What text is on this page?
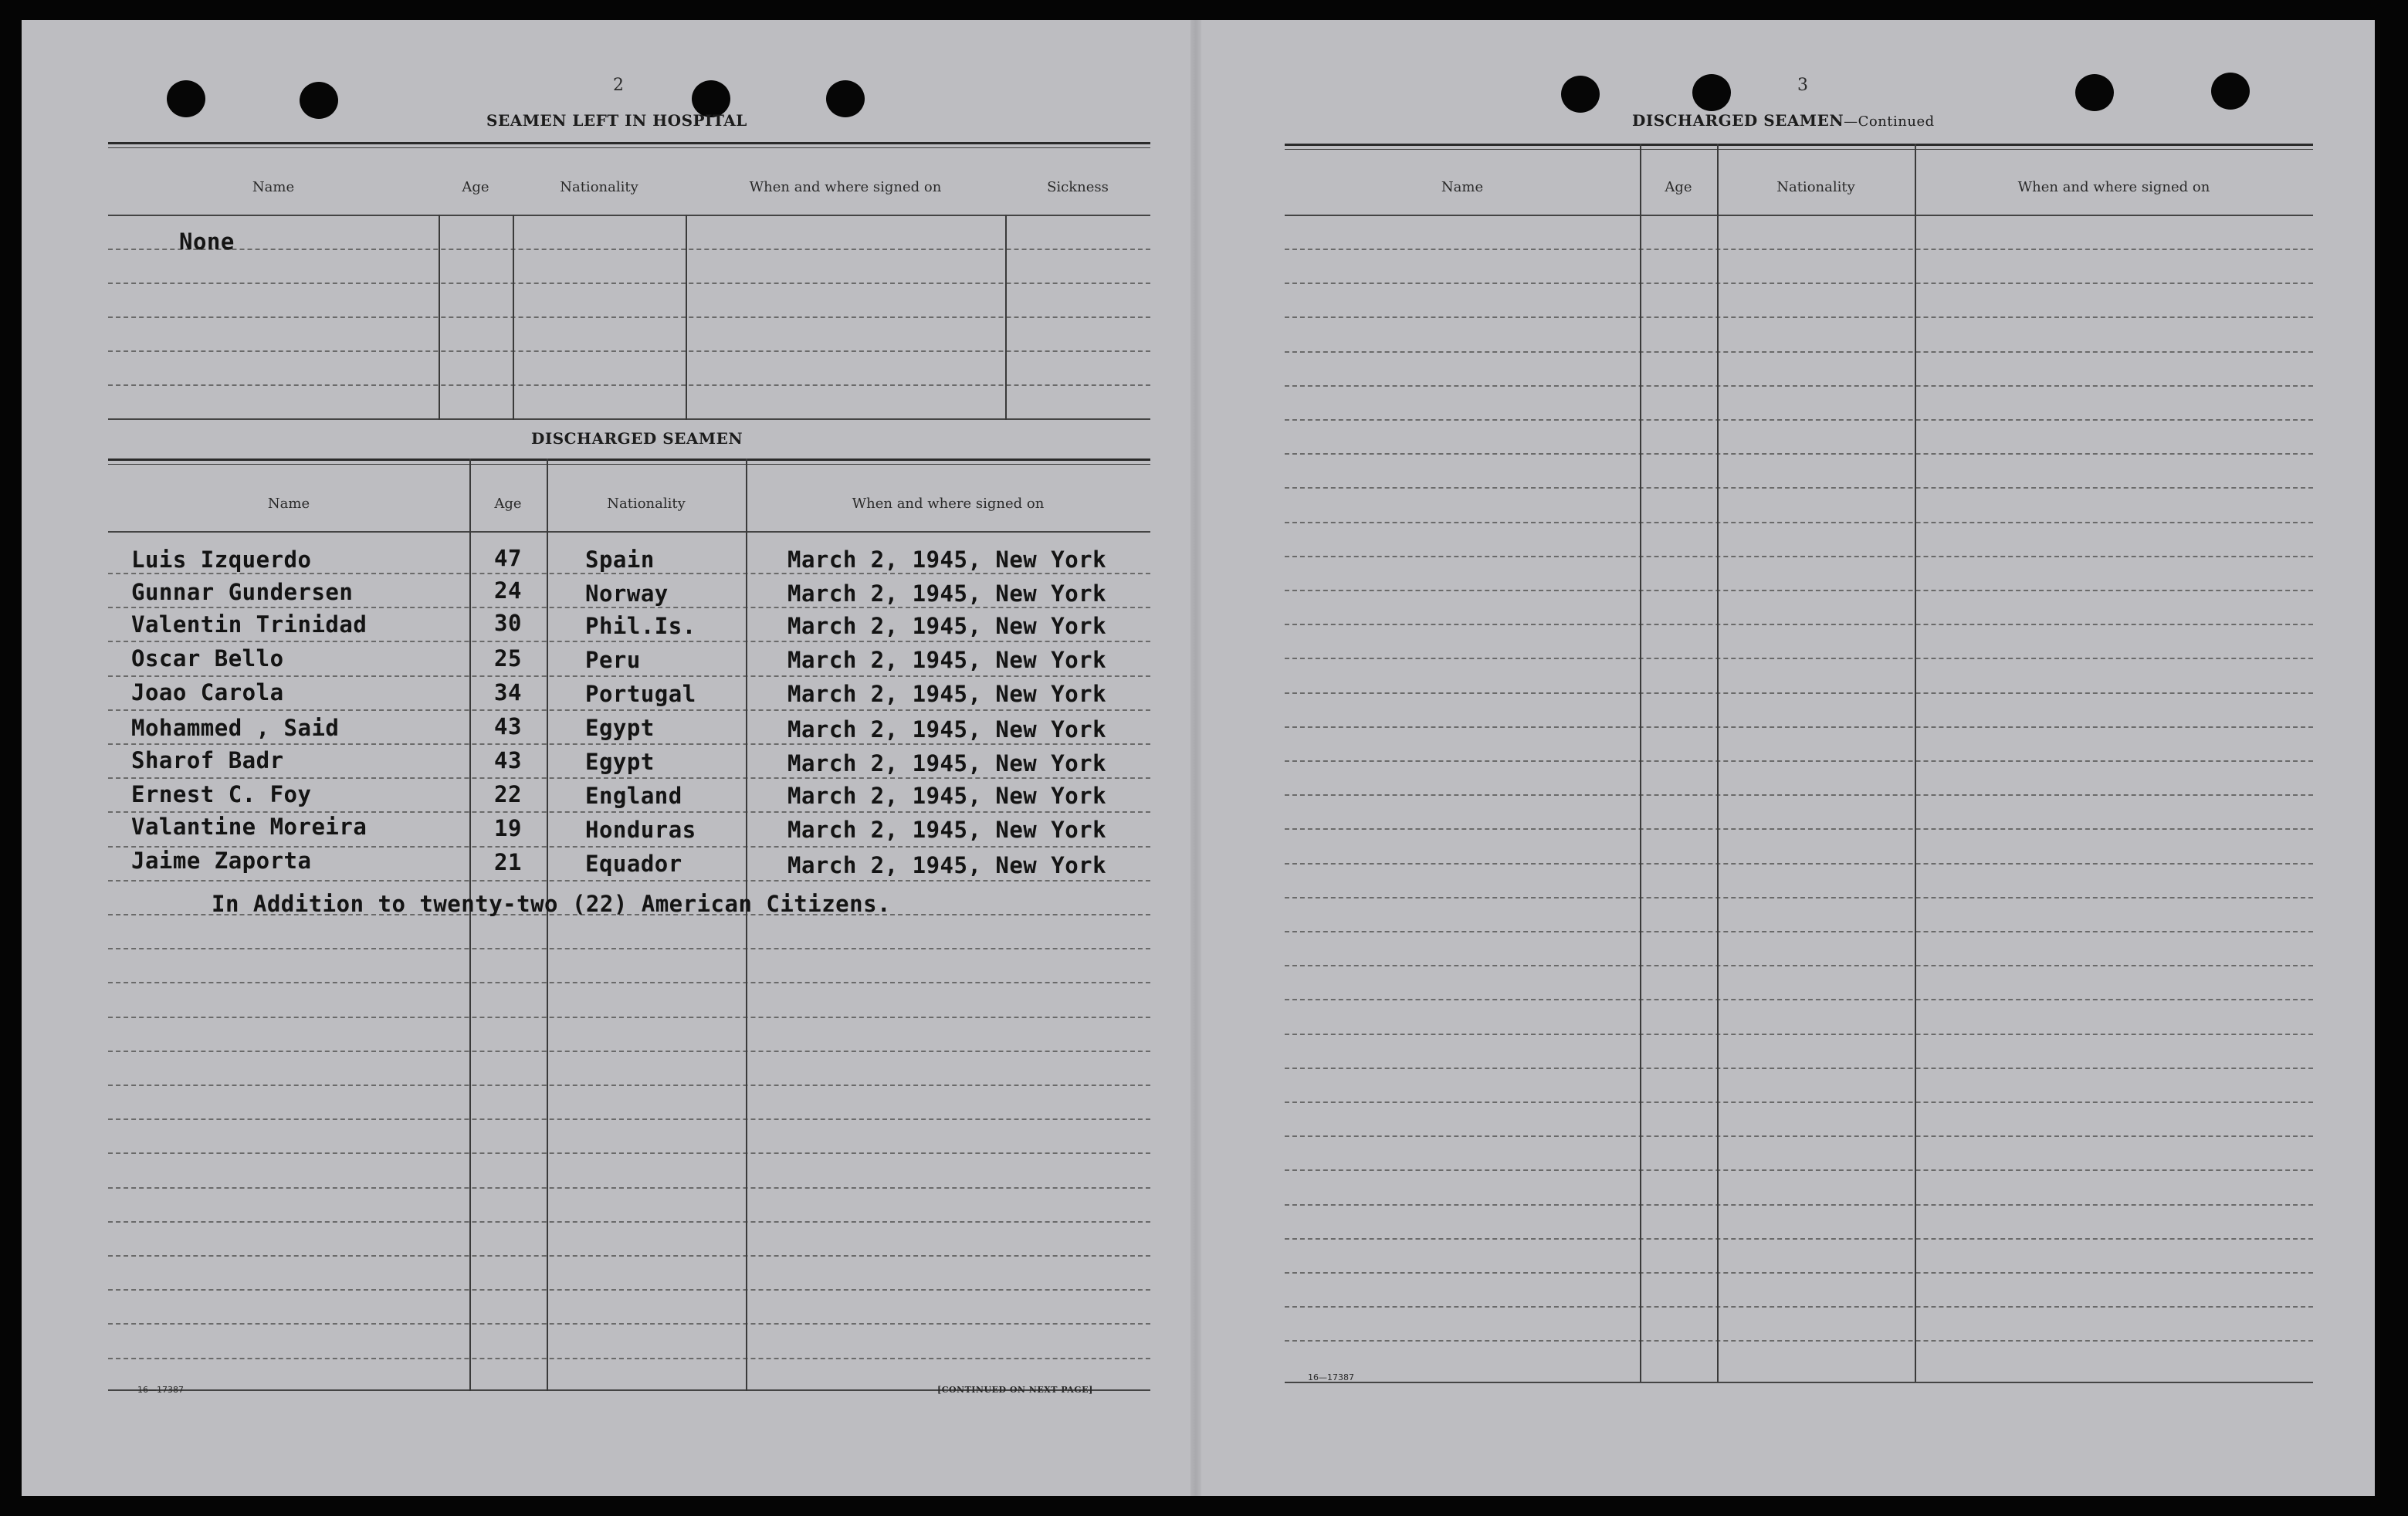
2
SEAMEN LEFT IN HOSPITAL
Name	Age	Nationality	When and where signed on	Sickness
None
DISCHARGED SEAMEN
Name	Age	Nationality	When and where signed on
Luis Izquerdo	47	Spain	March 2, 1945, New York
Gunnar Gundersen	24	Norway	March 2, 1945, New York
Valentin Trinidad	30	Phil.Is.	March 2, 1945, New York
Oscar Bello	25	Peru	March 2, 1945, New York
Joao Carola	34	Portugal	March 2, 1945, New York
Mohammed , Said	43	Egypt	March 2, 1945, New York
Sharof Badr	43	Egypt	March 2, 1945, New York
Ernest C. Foy	22	England	March 2, 1945, New York
Valantine Moreira	19	Honduras	March 2, 1945, New York
Jaime Zaporta	21	Equador	March 2, 1945, New York
In Addition to twenty-two (22) American Citizens.
16—17387	[CONTINUED ON NEXT PAGE]
3
DISCHARGED SEAMEN—Continued
Name	Age	Nationality	When and where signed on
16—17387
